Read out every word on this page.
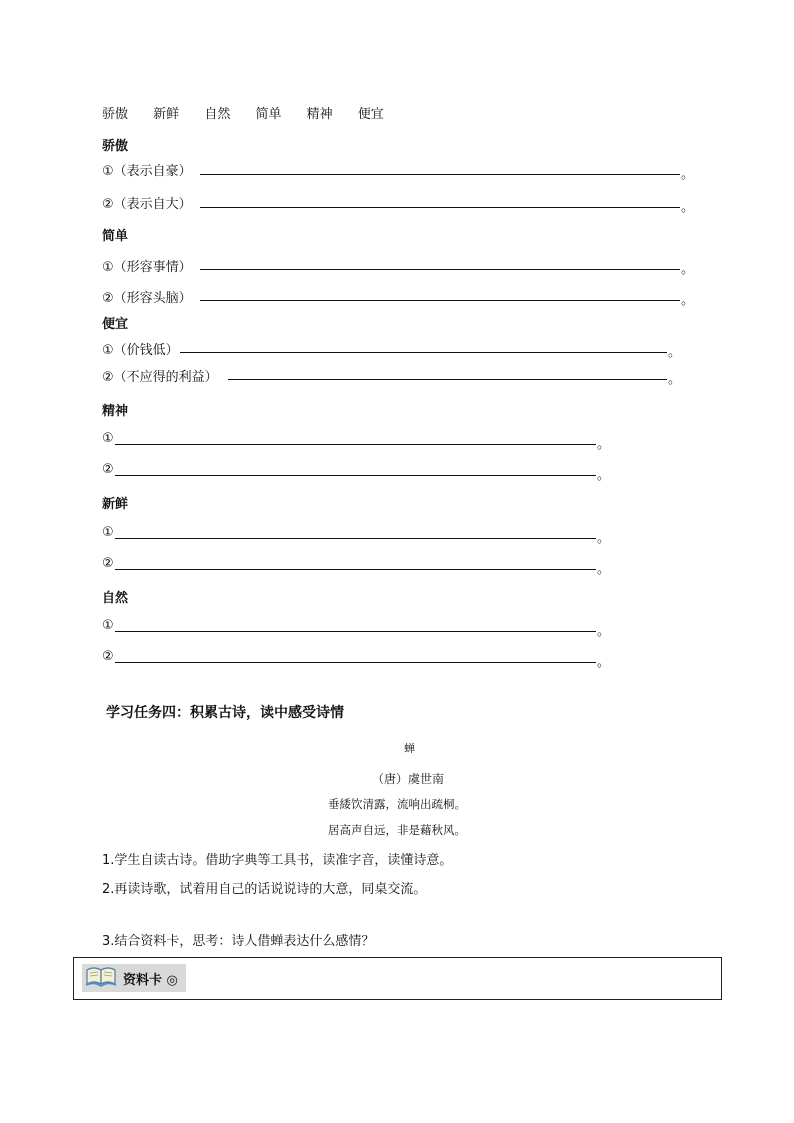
骄傲 新鲜 自然 简单 精神 便宜
骄傲
①（表示自豪）	。
②（表示自大）	。
简单
①（形容事情）	。
②（形容头脑）	。
便宜
①（价钱低）	。
②（不应得的利益）	。
精神
①	。
②	。
新鲜
①	。
②	。
自然
①	。
②	。
学习任务四：积累古诗，读中感受诗情
蝉
（唐）虞世南
垂緌饮清露，流响出疏桐。
居高声自远，非是藉秋风。
1.学生自读古诗。借助字典等工具书，读准字音，读懂诗意。
2.再读诗歌，试着用自己的话说说诗的大意，同桌交流。
3.结合资料卡，思考：诗人借蝉表达什么感情？
资料卡 ◎
